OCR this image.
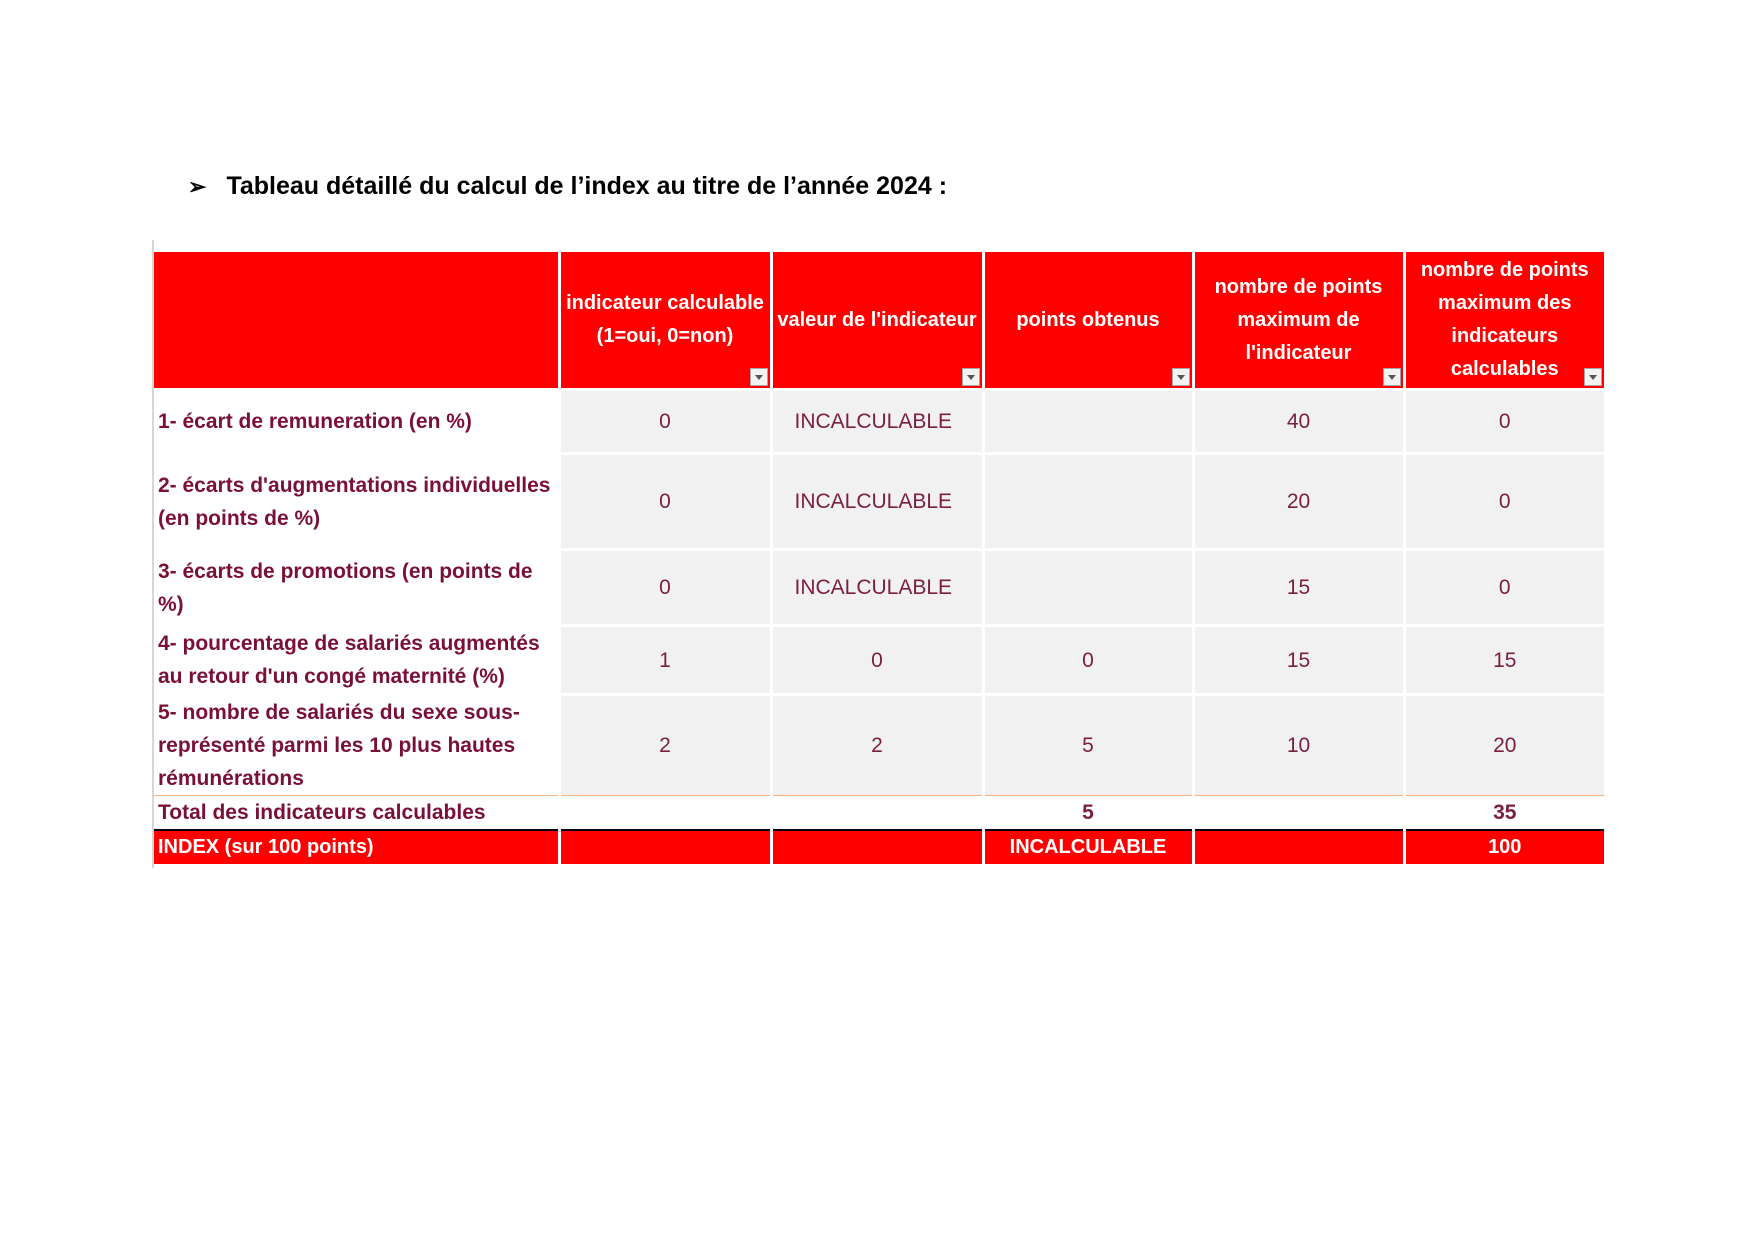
➢ Tableau détaillé du calcul de l’index au titre de l’année 2024 :
	indicateur calculable (1=oui, 0=non)	valeur de l'indicateur	points obtenus	nombre de points maximum de l'indicateur	nombre de points maximum des indicateurs calculables

1- écart de remuneration (en %)	0	INCALCULABLE		40	0
2- écarts d'augmentations individuelles (en points de %)	0	INCALCULABLE		20	0
3- écarts de promotions (en points de %)	0	INCALCULABLE		15	0
4- pourcentage de salariés augmentés au retour d'un congé maternité (%)	1	0	0	15	15
5- nombre de salariés du sexe sous-représenté parmi les 10 plus hautes rémunérations	2	2	5	10	20
Total des indicateurs calculables			5		35
INDEX (sur 100 points)			INCALCULABLE		100
